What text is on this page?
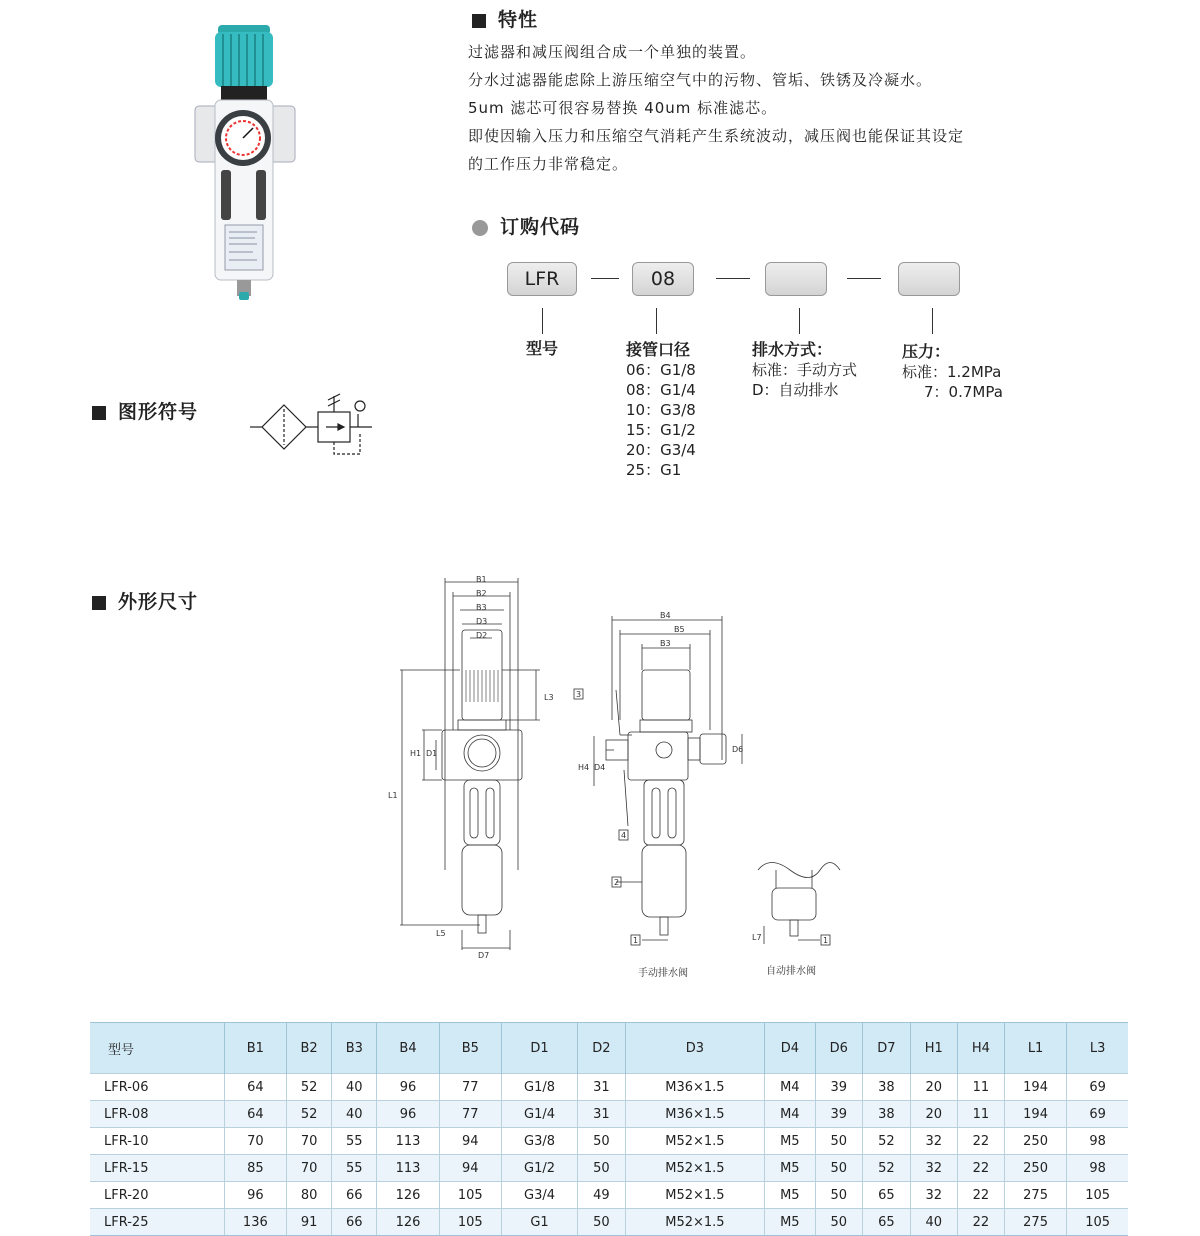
特性

过滤器和减压阀组合成一个单独的装置。

分水过滤器能虑除上游压缩空气中的污物、管垢、铁锈及冷凝水。

5um 滤芯可很容易替换 40um 标准滤芯。

即使因输入压力和压缩空气消耗产生系统波动，减压阀也能保证其设定

的工作压力非常稳定。

订购代码
LFR	08
型号	接管口径
06：G1/8
08：G1/4
10：G3/8
15：G1/2
20：G3/4
25：G1
排水方式：
标准：手动方式
D：自动排水
压力：
标准：1.2MPa
7：0.7MPa
图形符号
外形尺寸
B1
B2
B3
D3
D2
L3
H1 D1
L1
L5
D7
B4
B5
B3
D6
H4 D4
3
4
2
1	L7	1
手动排水阀	自动排水阀
型号	B1	B2	B3	B4	B5	D1	D2	D3	D4	D6	D7	H1	H4	L1	L3
LFR-06	64	52	40	96	77	G1/8	31	M36×1.5	M4	39	38	20	11	194	69
LFR-08	64	52	40	96	77	G1/4	31	M36×1.5	M4	39	38	20	11	194	69
LFR-10	70	70	55	113	94	G3/8	50	M52×1.5	M5	50	52	32	22	250	98
LFR-15	85	70	55	113	94	G1/2	50	M52×1.5	M5	50	52	32	22	250	98
LFR-20	96	80	66	126	105	G3/4	49	M52×1.5	M5	50	65	32	22	275	105
LFR-25	136	91	66	126	105	G1	50	M52×1.5	M5	50	65	40	22	275	105
